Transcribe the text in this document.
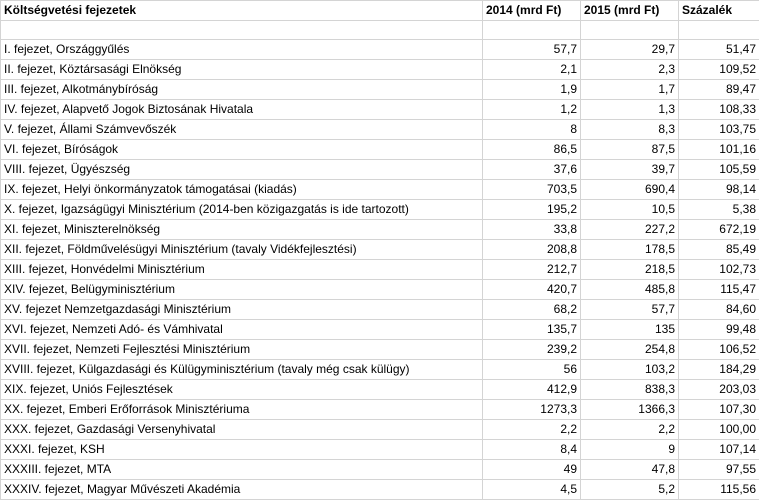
Költségvetési fejezetek	2014 (mrd Ft)	2015 (mrd Ft)	Százalék

I. fejezet, Országgyűlés	57,7	29,7	51,47
II. fejezet, Köztársasági Elnökség	2,1	2,3	109,52
III. fejezet, Alkotmánybíróság	1,9	1,7	89,47
IV. fejezet, Alapvető Jogok Biztosának Hivatala	1,2	1,3	108,33
V. fejezet, Állami Számvevőszék	8	8,3	103,75
VI. fejezet, Bíróságok	86,5	87,5	101,16
VIII. fejezet, Ügyészség	37,6	39,7	105,59
IX. fejezet, Helyi önkormányzatok támogatásai (kiadás)	703,5	690,4	98,14
X. fejezet, Igazságügyi Minisztérium (2014-ben közigazgatás is ide tartozott)	195,2	10,5	5,38
XI. fejezet, Miniszterelnökség	33,8	227,2	672,19
XII. fejezet, Földművelésügyi Minisztérium (tavaly Vidékfejlesztési)	208,8	178,5	85,49
XIII. fejezet, Honvédelmi Minisztérium	212,7	218,5	102,73
XIV. fejezet, Belügyminisztérium	420,7	485,8	115,47
XV. fejezet Nemzetgazdasági Minisztérium	68,2	57,7	84,60
XVI. fejezet, Nemzeti Adó- és Vámhivatal	135,7	135	99,48
XVII. fejezet, Nemzeti Fejlesztési Minisztérium	239,2	254,8	106,52
XVIII. fejezet, Külgazdasági és Külügyminisztérium (tavaly még csak külügy)	56	103,2	184,29
XIX. fejezet, Uniós Fejlesztések	412,9	838,3	203,03
XX. fejezet, Emberi Erőforrások Minisztériuma	1273,3	1366,3	107,30
XXX. fejezet, Gazdasági Versenyhivatal	2,2	2,2	100,00
XXXI. fejezet, KSH	8,4	9	107,14
XXXIII. fejezet, MTA	49	47,8	97,55
XXXIV. fejezet, Magyar Művészeti Akadémia	4,5	5,2	115,56
